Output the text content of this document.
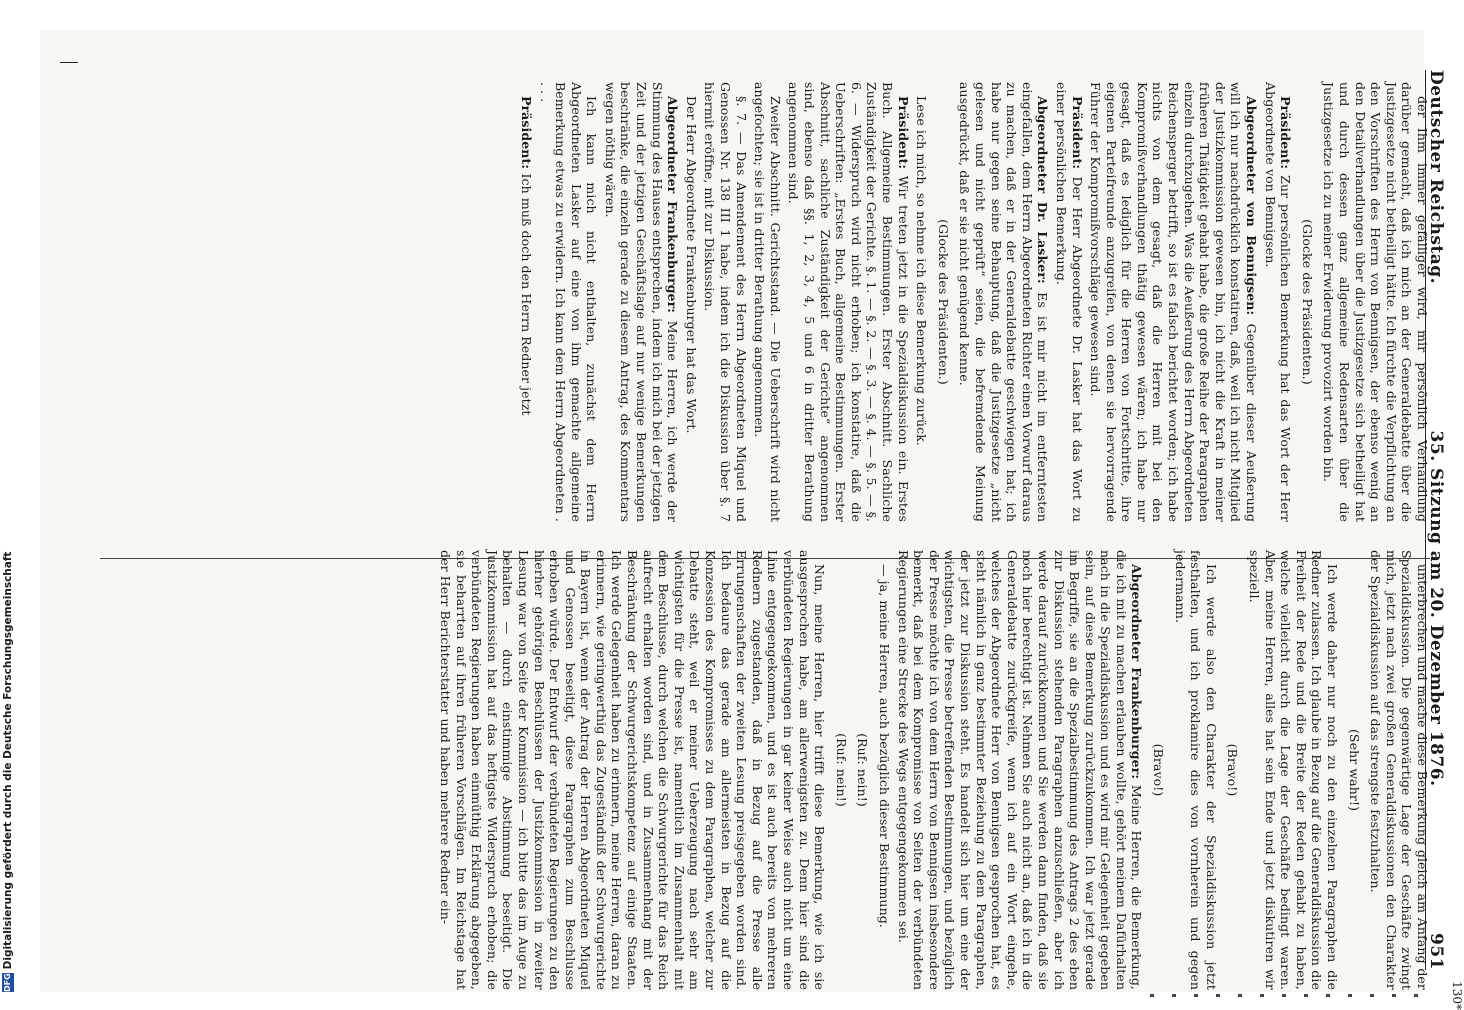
Deutscher Reichstag.
35. Sitzung am 20. Dezember 1876.
951

der Ihm immer gefälliger wird, mir persönlich Verhandlung darüber gemacht, daß ich mich an der Generaldebatte über die Justizgesetze nicht betheiligt hätte. Ich fürchte die Verpflichtung an den Vorschriften des Herrn von Bennigsen, der ebenso wenig an den Detailverhandlungen über die Justizgesetze sich betheiligt hat und durch dessen ganz allgemeine Redensarten über die Justizgesetze ich zu meiner Erwiderung provozirt worden bin.

(Glocke des Präsidenten.)

Präsident: Zur persönlichen Bemerkung hat das Wort der Herr Abgeordnete von Bennigsen.

Abgeordneter von Bennigsen: Gegenüber dieser Aeußerung will ich nur nachdrücklich konstatiren, daß, weil ich nicht Mitglied der Justizkommission gewesen bin, ich nicht die Kraft in meiner früheren Thätigkeit gehabt habe, die große Reihe der Paragraphen einzeln durchzugehen. Was die Aeußerung des Herrn Abgeordneten Reichensperger betrifft, so ist es falsch berichtet worden; ich habe nichts von dem gesagt, daß die Herren mit bei den Kompromißverhandlungen thätig gewesen wären; ich habe nur gesagt, daß es lediglich für die Herren von Fortschritte, ihre eigenen Parteifreunde anzugreifen, von denen sie hervorragende Führer der Kompromißvorschläge gewesen sind.

Präsident: Der Herr Abgeordnete Dr. Lasker hat das Wort zu einer persönlichen Bemerkung.

Abgeordneter Dr. Lasker: Es ist mir nicht im entferntesten eingefallen, dem Herrn Abgeordneten Richter einen Vorwurf daraus zu machen, daß er in der Generaldebatte geschwiegen hat; ich habe nur gegen seine Behauptung, daß die Justizgesetze „nicht gelesen und nicht geprüft“ seien, die befremdende Meinung ausgedrückt, daß er sie nicht genügend kenne.

(Glocke des Präsidenten.)

Lese ich mich, so nehme ich diese Bemerkung zurück.

Präsident: Wir treten jetzt in die Spezialdiskussion ein. Erstes Buch. Allgemeine Bestimmungen. Erster Abschnitt. Sachliche Zuständigkeit der Gerichte. §. 1. — §. 2. — §. 3. — §. 4. — §. 5. — §. 6. — Widerspruch wird nicht erhoben; ich konstatire, daß die Ueberschriften: „Erstes Buch, allgemeine Bestimmungen. Erster Abschnitt, sachliche Zuständigkeit der Gerichte“ angenommen sind, ebenso daß §§. 1, 2, 3, 4, 5 und 6 in dritter Berathung angenommen sind.

Zweiter Abschnitt. Gerichtsstand. — Die Ueberschrift wird nicht angefochten; sie ist in dritter Berathung angenommen.

§. 7. — Das Amendement des Herrn Abgeordneten Miquel und Genossen Nr. 138 III 1 habe, indem ich die Diskussion über §. 7 hiermit eröffne, mit zur Diskussion.

Der Herr Abgeordnete Frankenburger hat das Wort.

Abgeordneter Frankenburger: Meine Herren, ich werde der Stimmung des Hauses entsprechen, indem ich mich bei der jetzigen Zeit und der jetzigen Geschäftslage auf nur wenige Bemerkungen beschränke, die einzeln gerade zu diesem Antrag, des Kommentars wegen nöthig wären.

Ich kann mich nicht enthalten, zunächst dem Herrn Abgeordneten Lasker auf eine von ihm gemachte allgemeine Bemerkung etwas zu erwidern. Ich kann dem Herrn Abgeordneten . . . .

Präsident: Ich muß doch den Herrn Redner jetzt

unterbrechen und mache diese Bemerkung gleich am Anfang der Spezialdiskussion. Die gegenwärtige Lage der Geschäfte zwingt mich, jetzt nach zwei großen Generaldiskussionen den Charakter der Spezialdiskussion auf das strengste festzuhalten.

(Sehr wahr!)

Ich werde daher nur noch zu den einzelnen Paragraphen die Redner zulassen. Ich glaube in Bezug auf die Generaldiskussion die Freiheit der Rede und die Breite der Reden gehabt zu haben, welche vielleicht durch die Lage der Geschäfte bedingt waren. Aber, meine Herren, alles hat sein Ende und jetzt diskutiren wir speziell.

(Bravo!)

Ich werde also den Charakter der Spezialdiskussion jetzt festhalten, und ich proklamire dies von vornherein und gegen jedermann.

(Bravo!)

Abgeordneter Frankenburger: Meine Herren, die Bemerkung, die ich mit zu machen erlauben wollte, gehört meinem Dafürhalten nach in die Spezialdiskussion und es wird mir Gelegenheit gegeben sein, auf diese Bemerkung zurückzukommen. Ich war jetzt gerade im Begriffe, sie an die Spezialbestimmung des Antrags 2 des eben zur Diskussion stehenden Paragraphen anzuschließen, aber ich werde darauf zurückkommen und Sie werden dann finden, daß sie noch hier berechtigt ist. Nehmen Sie auch nicht an, daß ich in die Generaldebatte zurückgreife, wenn ich auf ein Wort eingehe, welches der Abgeordnete Herr von Bennigsen gesprochen hat, es steht nämlich in ganz bestimmter Beziehung zu dem Paragraphen, der jetzt zur Diskussion steht. Es handelt sich hier um eine der wichtigsten, die Presse betreffenden Bestimmungen, und bezüglich der Presse möchte ich von dem Herrn von Bennigsen insbesondere bemerkt, daß bei dem Kompromisse von Seiten der verbündeten Regierungen eine Strecke des Wegs entgegengekommen sei.

— ja, meine Herren, auch bezüglich dieser Bestimmung.

(Ruf: nein!)

(Ruf: nein!)

Nun, meine Herren, hier trifft diese Bemerkung, wie ich sie ausgesprochen habe, am allerwenigsten zu. Denn hier sind die verbündeten Regierungen in gar keiner Weise auch nicht um eine Linie entgegengekommen, und es ist auch bereits von mehreren Rednern zugestanden, daß in Bezug auf die Presse alle Errungenschaften der zweiten Lesung preisgegeben worden sind. Ich bedaure das gerade am allermeisten in Bezug auf die Konzession des Kompromisses zu dem Paragraphen, welcher zur Debatte steht, weil er meiner Ueberzeugung nach sehr am wichtigsten für die Presse ist, namentlich im Zusammenhalt mit dem Beschlusse, durch welchen die Schwurgerichte für das Reich aufrecht erhalten worden sind, und in Zusammenhang mit der Beschränkung der Schwurgerichtskompetenz auf einige Staaten. Ich werde Gelegenheit haben zu erinnern, meine Herren, daran zu erinnern, wie geringwerthig das Zugeständniß der Schwurgerichte in Bayern ist, wenn der Antrag der Herren Abgeordneten Miquel und Genossen beseitigt, diese Paragraphen zum Beschlusse erhoben würde. Der Entwurf der verbündeten Regierungen zu den hierher gehörigen Beschlüssen der Justizkommission in zweiter Lesung war von Seite der Kommission — ich bitte das im Auge zu behalten — durch einstimmige Abstimmung beseitigt. Die Justizkommission hat auf das heftigste Widerspruch erhoben; die verbündeten Regierungen haben einmüthig Erklärung abgegeben, sie beharrten auf ihren früheren Vorschlägen. Im Reichstage hat der Herr Berichterstatter und haben mehrere Redner ein-

130*
DFG
Digitalisierung gefördert durch die Deutsche Forschungsgemeinschaft
